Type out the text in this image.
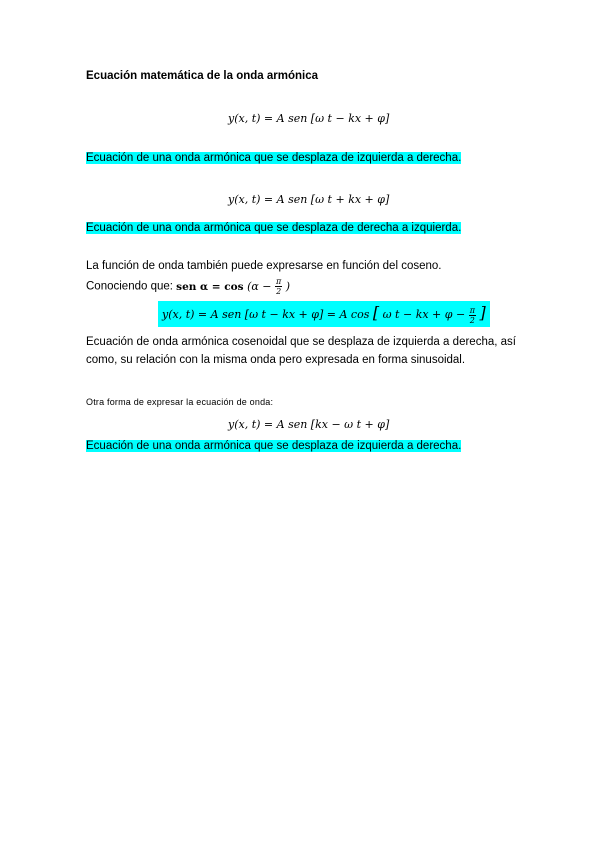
Ecuación matemática de la onda armónica
y(x, t) = A sen [ω t − kx + φ]
Ecuación de una onda armónica que se desplaza de izquierda a derecha.
y(x, t) = A sen [ω t + kx + φ]
Ecuación de una onda armónica que se desplaza de derecha a izquierda.
La función de onda también puede expresarse en función del coseno.
Conociendo que: sen $\alpha = \cos (\alpha - \frac{\pi}{2}$ )
y(x, t) = A sen [ω t − kx + φ] = A cos [ ω t − kx + $\varphi - \frac{\pi}{2}$ ]
Ecuación de onda armónica cosenoidal que se desplaza de izquierda a derecha, así como, su relación con la misma onda pero expresada en forma sinusoidal.
Otra forma de expresar la ecuación de onda:
y(x, t) = A sen [kx − ω t + φ]
Ecuación de una onda armónica que se desplaza de izquierda a derecha.
